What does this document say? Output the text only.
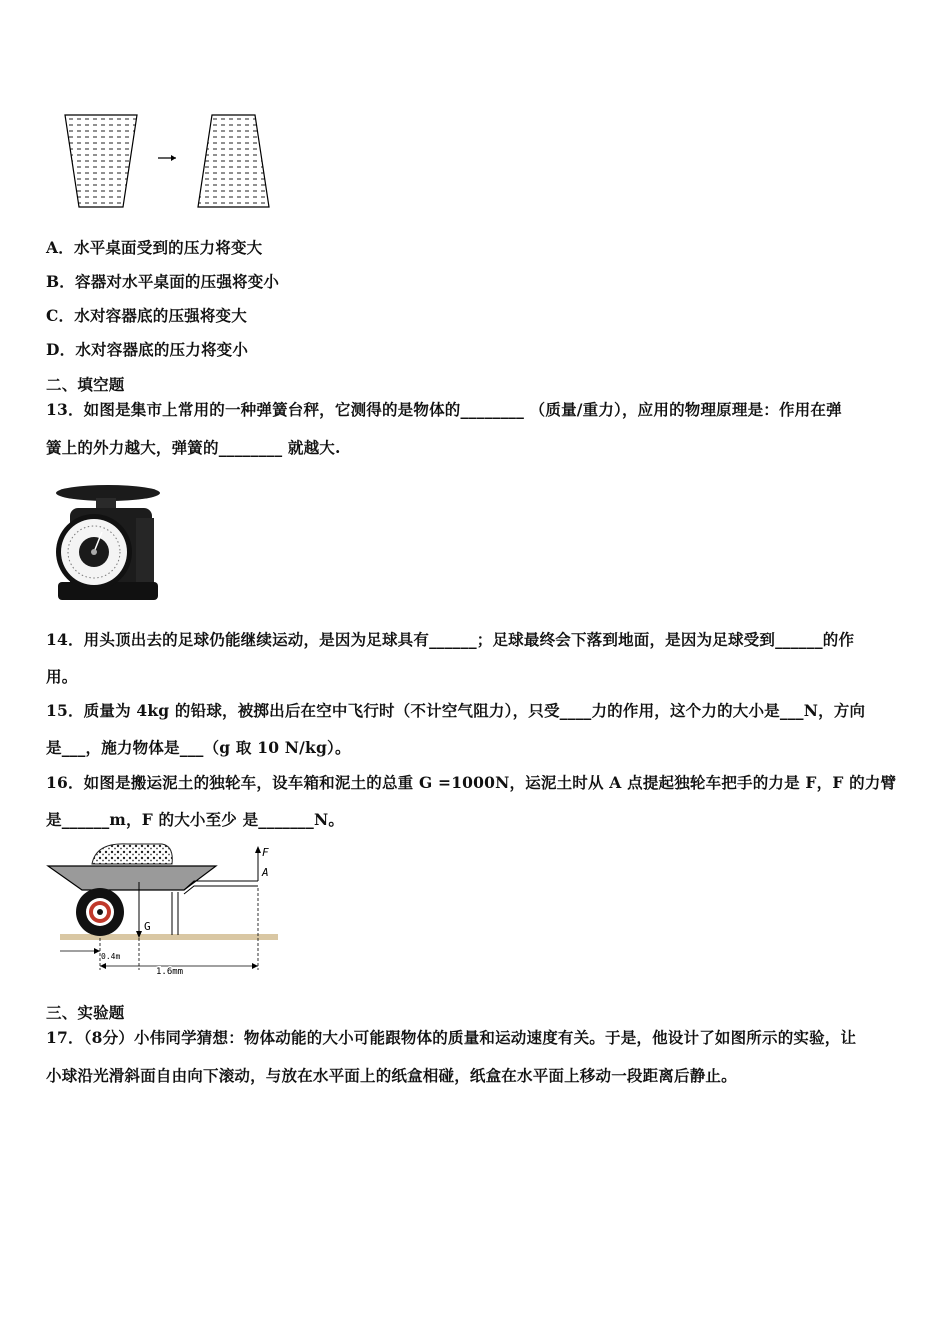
A．水平桌面受到的压力将变大
B．容器对水平桌面的压强将变小
C．水对容器底的压强将变大
D．水对容器底的压力将变小
二、填空题
13．如图是集市上常用的一种弹簧台秤，它测得的是物体的________ （质量/重力），应用的物理原理是：作用在弹
簧上的外力越大，弹簧的________ 就越大.
14．用头顶出去的足球仍能继续运动，是因为足球具有______；足球最终会下落到地面，是因为足球受到______的作
用。
15．质量为 4kg 的铅球，被掷出后在空中飞行时（不计空气阻力），只受____力的作用，这个力的大小是___N，方向
是___，施力物体是___（g 取 10 N/kg）。
16．如图是搬运泥土的独轮车，设车箱和泥土的总重 G =1000N，运泥土时从 A 点提起独轮车把手的力是 F，F 的力臂
是______m，F 的大小至少 是_______N。
F
A
G
0.4m
1.6mm
三、实验题
17．（8分）小伟同学猜想：物体动能的大小可能跟物体的质量和运动速度有关。于是，他设计了如图所示的实验，让
小球沿光滑斜面自由向下滚动，与放在水平面上的纸盒相碰，纸盒在水平面上移动一段距离后静止。
